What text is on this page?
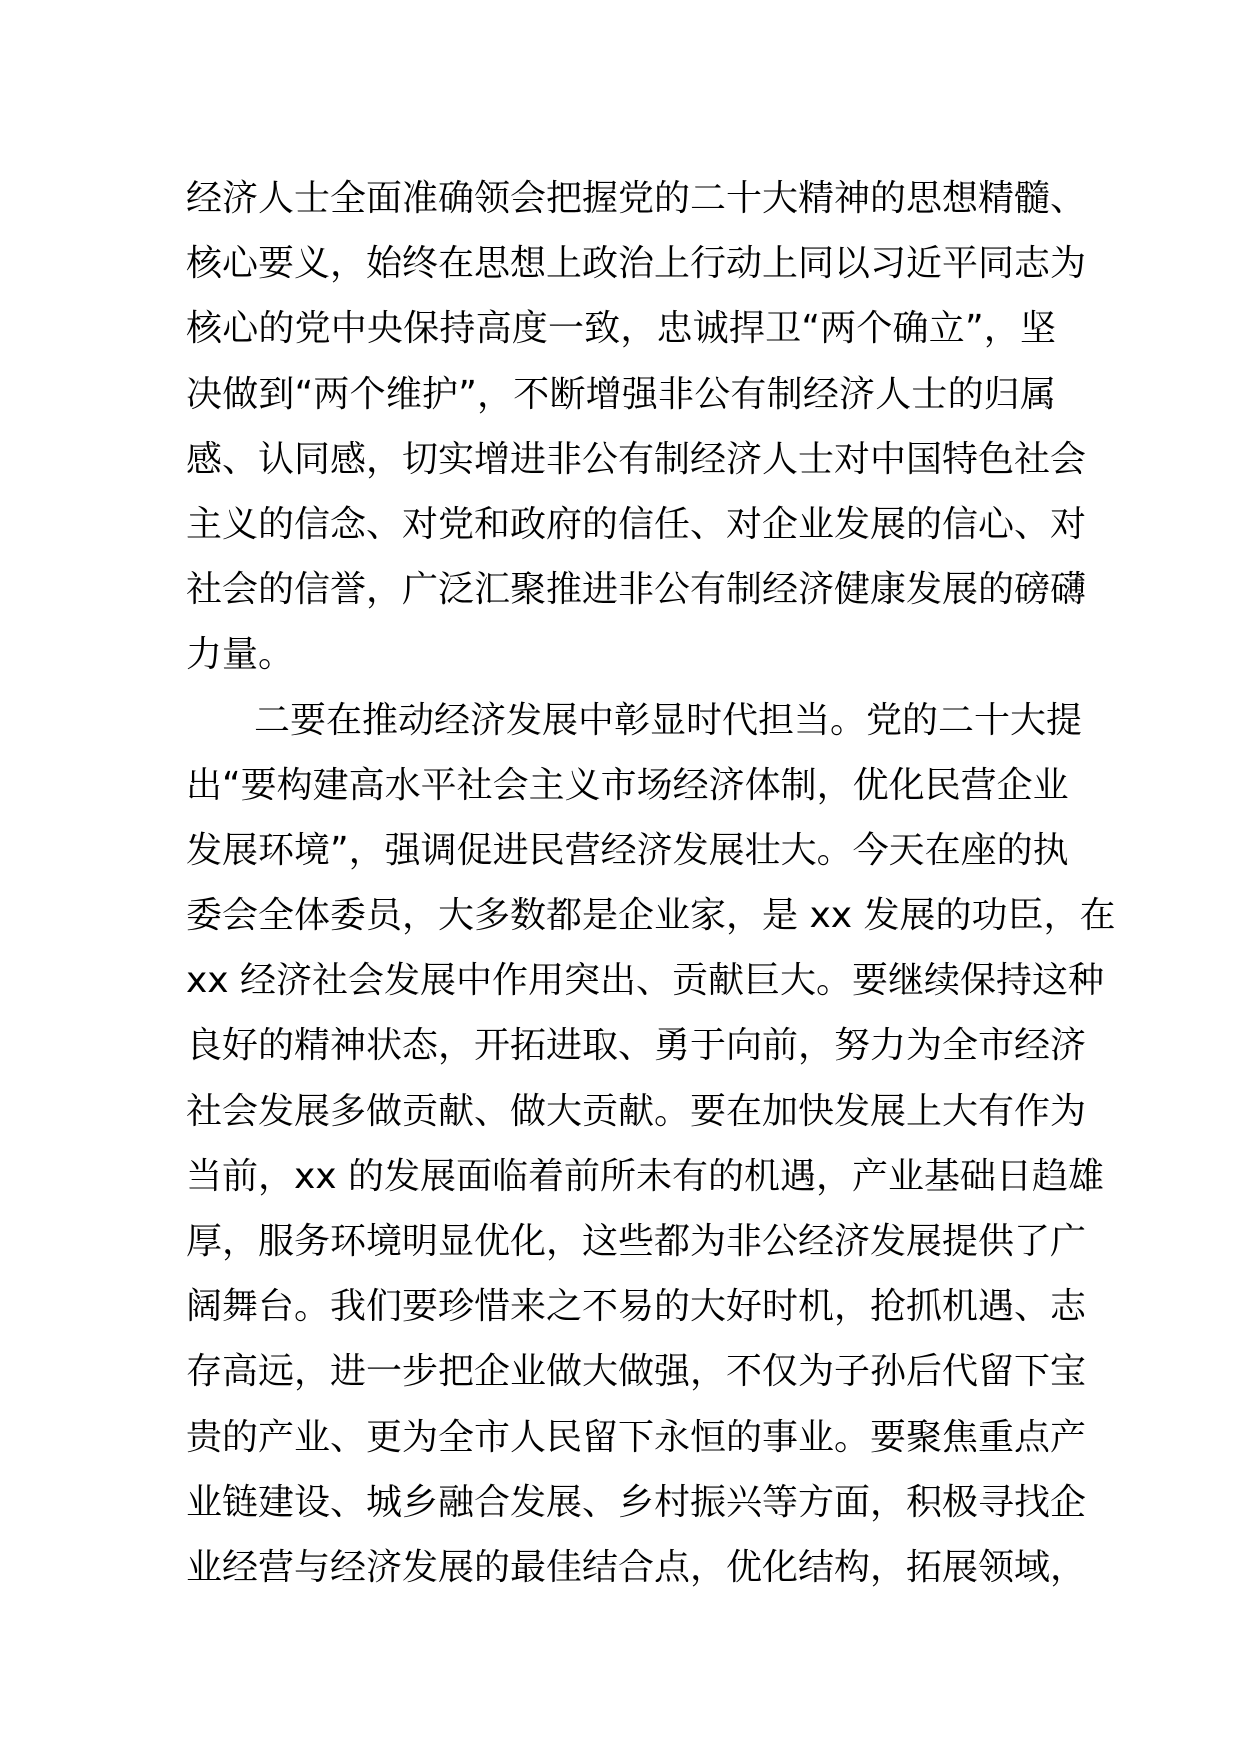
经济人士全面准确领会把握党的二十大精神的思想精髓、
核心要义，始终在思想上政治上行动上同以习近平同志为
核心的党中央保持高度一致，忠诚捍卫“两个确立”，坚
决做到“两个维护”，不断增强非公有制经济人士的归属
感、认同感，切实增进非公有制经济人士对中国特色社会
主义的信念、对党和政府的信任、对企业发展的信心、对
社会的信誉，广泛汇聚推进非公有制经济健康发展的磅礴
力量。
二要在推动经济发展中彰显时代担当。党的二十大提
出“要构建高水平社会主义市场经济体制，优化民营企业
发展环境”，强调促进民营经济发展壮大。今天在座的执
委会全体委员，大多数都是企业家，是 xx 发展的功臣，在
xx 经济社会发展中作用突出、贡献巨大。要继续保持这种
良好的精神状态，开拓进取、勇于向前，努力为全市经济
社会发展多做贡献、做大贡献。要在加快发展上大有作为
当前，xx 的发展面临着前所未有的机遇，产业基础日趋雄
厚，服务环境明显优化，这些都为非公经济发展提供了广
阔舞台。我们要珍惜来之不易的大好时机，抢抓机遇、志
存高远，进一步把企业做大做强，不仅为子孙后代留下宝
贵的产业、更为全市人民留下永恒的事业。要聚焦重点产
业链建设、城乡融合发展、乡村振兴等方面，积极寻找企
业经营与经济发展的最佳结合点，优化结构，拓展领域，
